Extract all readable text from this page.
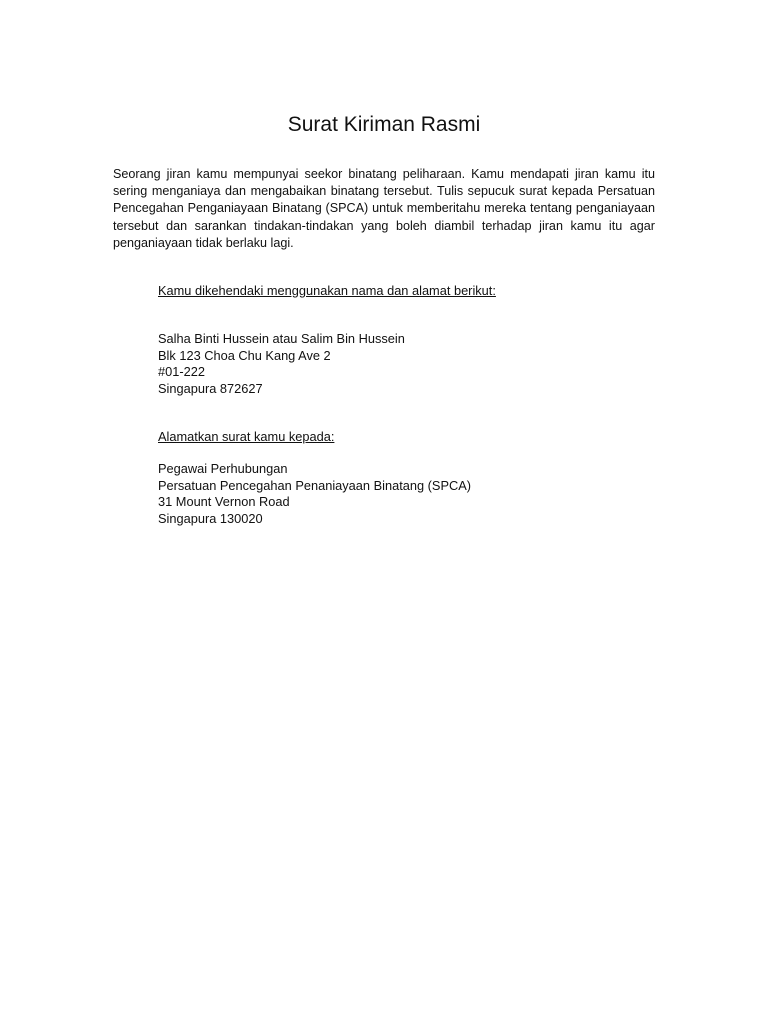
Surat Kiriman Rasmi

Seorang jiran kamu mempunyai seekor binatang peliharaan. Kamu mendapati jiran kamu itu sering menganiaya dan mengabaikan binatang tersebut. Tulis sepucuk surat kepada Persatuan Pencegahan Penganiayaan Binatang (SPCA) untuk memberitahu mereka tentang penganiayaan tersebut dan sarankan tindakan-tindakan yang boleh diambil terhadap jiran kamu itu agar penganiayaan tidak berlaku lagi.

Kamu dikehendaki menggunakan nama dan alamat berikut:

Salha Binti Hussein atau Salim Bin Hussein
Blk 123 Choa Chu Kang Ave 2
#01-222
Singapura 872627

Alamatkan surat kamu kepada:

Pegawai Perhubungan
Persatuan Pencegahan Penaniayaan Binatang (SPCA)
31 Mount Vernon Road
Singapura 130020
